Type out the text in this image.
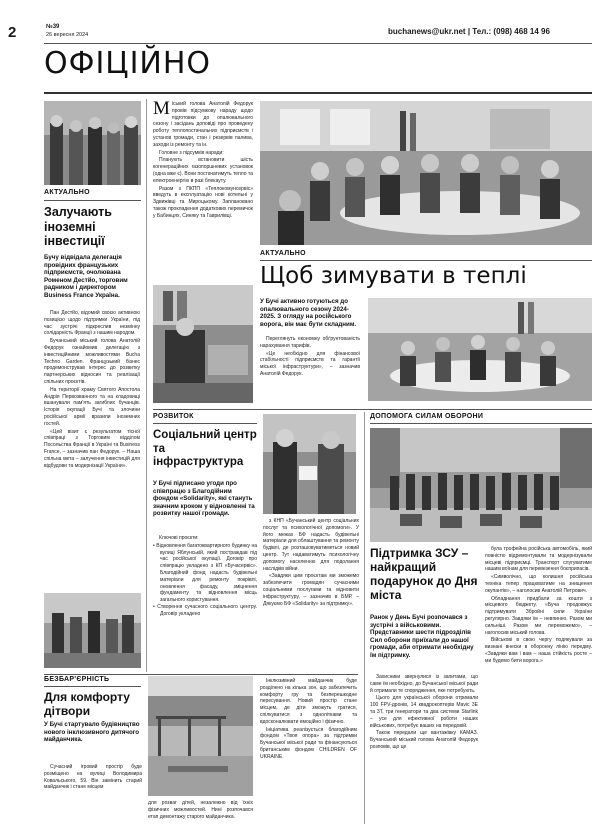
2	№39
26 вересня 2024	buchanews@ukr.net | Тел.: (098) 468 14 96
ОФІЦІЙНО
АКТУАЛЬНО
Залучають іноземні інвестиції
Бучу відвідала делегація провідних французьких підприємств, очолювана Роменом Дестйо, торговим радником і директором Business France Україна.

Пан Дестйо, відомий своєю активною позицією щодо підтримки України, під час зустрічі підкреслив незмінну солідарність Франції з нашим народом.

Бучанський міський голова Анатолій Федорук ознайомив делегацію з інвестиційними можливостями Bucha Techno Garden. Французький бізнес продемонстрував інтерес до розвитку партнерських відносин та реалізації спільних проєктів.

На території храму Святого Апостола Андрія Первозванного та на кладовищі вшанували пам'ять загиблих бучанців. Історія окупації Бучі та злочини російської армії вразили іноземних гостей.

«Цей візит є результатом тісної співпраці з Торговим відділом Посольства Франції в Україні та Business France, – зазначив пан Федорук. – Наша спільна мета – залучення інвестицій для відбудови та модернізації України».

М іський голова Анатолій Федорук провів підсумкову нараду щодо підготовки до опалювального сезону і засідань доповіді про проведену роботу теплопостачальних підприємств і установ громади, стан і резервів палива, заходи із ремонту та ін.

Головне з підсумків наради:

Планують встановити шість когенераційних газопоршневих установок (одна вже є). Вони постачатимуть тепло та електроенергію в разі блекауту.

Разом з ПКПП «Теплокомунсервіс» введуть в експлуатацію нові котельні у Здвижівці та Мироцькому. Заплановано також прокладення додаткових перемичок у Бабинцях, Синяку та Гаврилівці.

АКТУАЛЬНО
Щоб зимувати в теплі
У Бучі активно готуються до опалювального сезону 2024-2025. З огляду на російського ворога, він має бути складним.

Переглянуть економну обґрунтованість нарахування тарифів.

«Це необхідно для фінансової стабільності підприємств та гарантії міської інфраструктури», – зазначив Анатолій Федорук.

РОЗВИТОК
Соціальний центр та інфраструктура
У Бучі підписано угоди про співпрацю з Благодійним фондом «Solidarity», які стануть значним кроком у відновленні та розвитку нашої громади.

Ключові проєкти:

• Відновлення багатоквартирного будинку на вулиці Яблунській, який постраждав під час російської окупації. Договір про співпрацю укладено з КП «Бучасервіс». Благодійний фонд надасть будівельні матеріали для ремонту покрівлі, оновлення фасаду, зміцнення фундаменту та відновлення місць загального користування.

• Створення сучасного соціального центру. Договір укладено

з КНП «Бучанський центр соціальних послуг та психологічної допомоги». У його межах БФ надасть будівельні матеріали для облаштування та ремонту будівлі, де розташовуватиметься новий центр. Тут надаватимуть психологічну допомогу населенню для подолання наслідків війни.

«Завдяки цим проєктам ми зможемо забезпечити громадян сучасними соціальними послугами та відновити інфраструктуру, – зазначив в БМР. – Дякуємо БФ «Solidarity» за підтримку».

ДОПОМОГА СИЛАМ ОБОРОНИ
Підтримка ЗСУ – найкращий подарунок до Дня міста
Ранок у День Бучі розпочався з зустрічі з військовими. Представники шести підрозділів Сил оборони приїхали до нашої громади, аби отримати необхідну їм підтримку.

Захисники звернулися із запитами, що саме їм необхідно, до Бучанської міської ради й отримали те спорядження, яке потребують.

Цього для української оборони отримали 100 FPV-дронів, 14 квадрокоптерів Mavic 3E та 3T, три генератори та два системи Starlink – усе для ефективної роботи наших військових, потребує ваших на передовій.

Також передали ще вантажівку КАМАЗ. Бучанський міський голова Анатолій Федорук розповів, що це

була трофейна російська автомобіль, який повністю відремонтували та модернізували місцеві підприємці. Транспорт слугуватиме нашим воїнам для перевезення боєприпасів.

«Символічно, що колишня російська техніка тепер працюватиме на знищення окупантів», – наголосив Анатолій Петрович.

Обладнання придбали за кошти з місцевого бюджету. «Буча продовжує підтримувати Збройні сили України регулярно. Завдяки їм – невпинно. Разом ми сильніші. Разом ми переможемо», – наголосив міський голова.

Військові в свою чергу подякували за визнані внески в оборонну лінію передму. «Завдяки вам і вам – наша стійкість росте – ми будемо бити ворога.»

БЕЗБАР'ЄРНІСТЬ
Для комфорту дітвори
У Бучі стартувало будівництво нового інклюзивного дитячого майданчика.

Сучасний ігровий простір буде розміщено на вулиці Володимира Ковальського, 59. Він замінить старий майданчик і стане місцем

для розваг дітей, незалежно від їхніх фізичних можливостей. Нині розпочався етап демонтажу старого майданчика.

Інклюзивний майданчик буде розділено на кілька зон, що забезпечить комфорту гру та безперешкодне пересування. Новий простір стане місцем, де діти зможуть гратися, спілкуватися з однолітками та вдосконалювати емоційно і фізично.

Ініціатива реалізується благодійним фондом «Твоя опора» за підтримки Бучанської міської ради та фінансуються британським фондом CHILDREN OF UKRAINE.
